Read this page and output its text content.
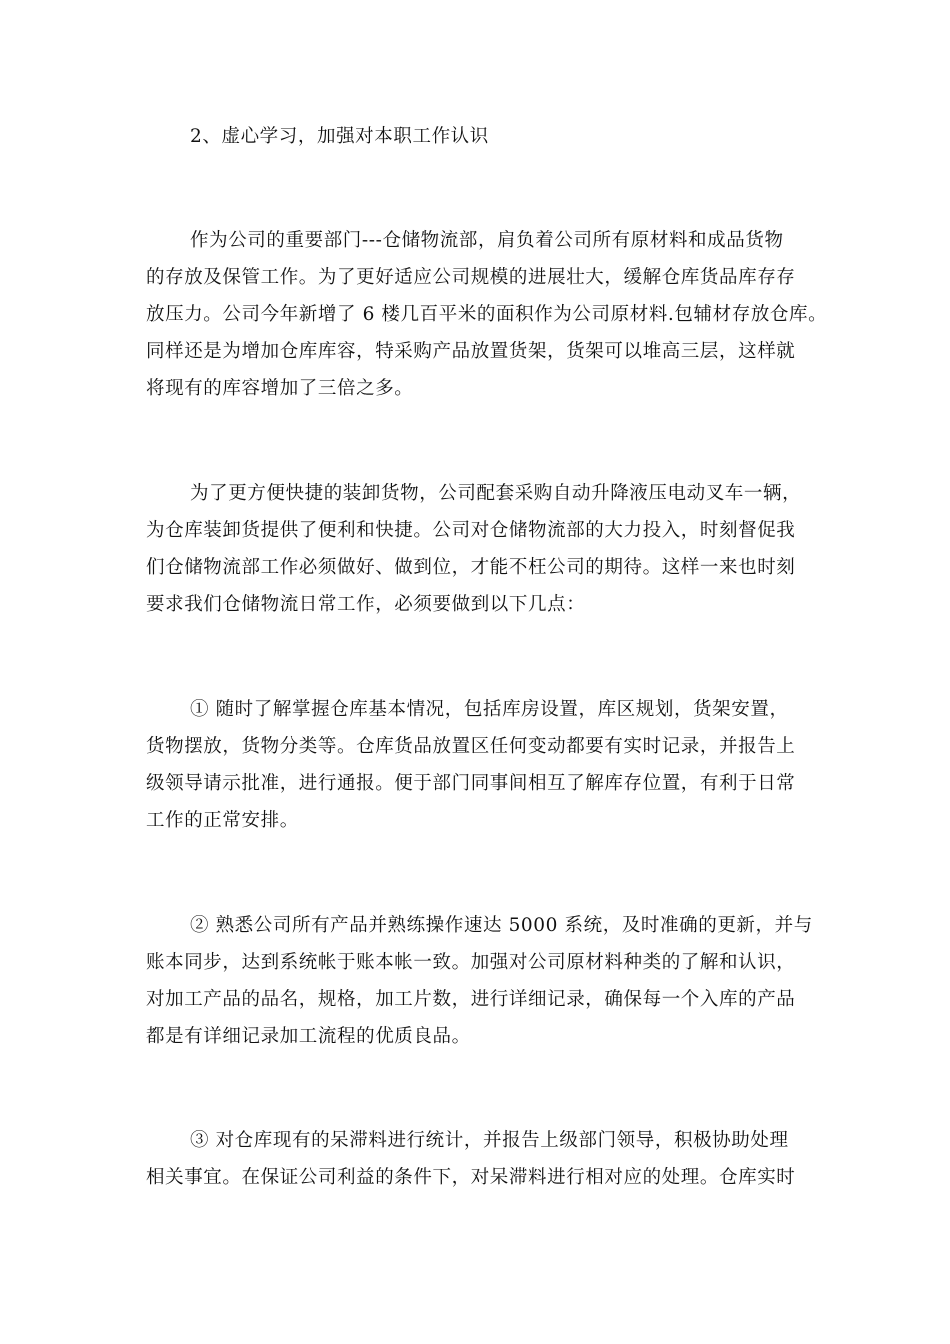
2、虚心学习，加强对本职工作认识
作为公司的重要部门---仓储物流部，肩负着公司所有原材料和成品货物
的存放及保管工作。为了更好适应公司规模的进展壮大，缓解仓库货品库存存
放压力。公司今年新增了 6 楼几百平米的面积作为公司原材料.包辅材存放仓库。
同样还是为增加仓库库容，特采购产品放置货架，货架可以堆高三层，这样就
将现有的库容增加了三倍之多。
为了更方便快捷的装卸货物，公司配套采购自动升降液压电动叉车一辆，
为仓库装卸货提供了便利和快捷。公司对仓储物流部的大力投入，时刻督促我
们仓储物流部工作必须做好、做到位，才能不枉公司的期待。这样一来也时刻
要求我们仓储物流日常工作，必须要做到以下几点：
① 随时了解掌握仓库基本情况，包括库房设置，库区规划，货架安置，
货物摆放，货物分类等。仓库货品放置区任何变动都要有实时记录，并报告上
级领导请示批准，进行通报。便于部门同事间相互了解库存位置，有利于日常
工作的正常安排。
② 熟悉公司所有产品并熟练操作速达 5000 系统，及时准确的更新，并与
账本同步，达到系统帐于账本帐一致。加强对公司原材料种类的了解和认识，
对加工产品的品名，规格，加工片数，进行详细记录，确保每一个入库的产品
都是有详细记录加工流程的优质良品。
③ 对仓库现有的呆滞料进行统计，并报告上级部门领导，积极协助处理
相关事宜。在保证公司利益的条件下，对呆滞料进行相对应的处理。仓库实时
